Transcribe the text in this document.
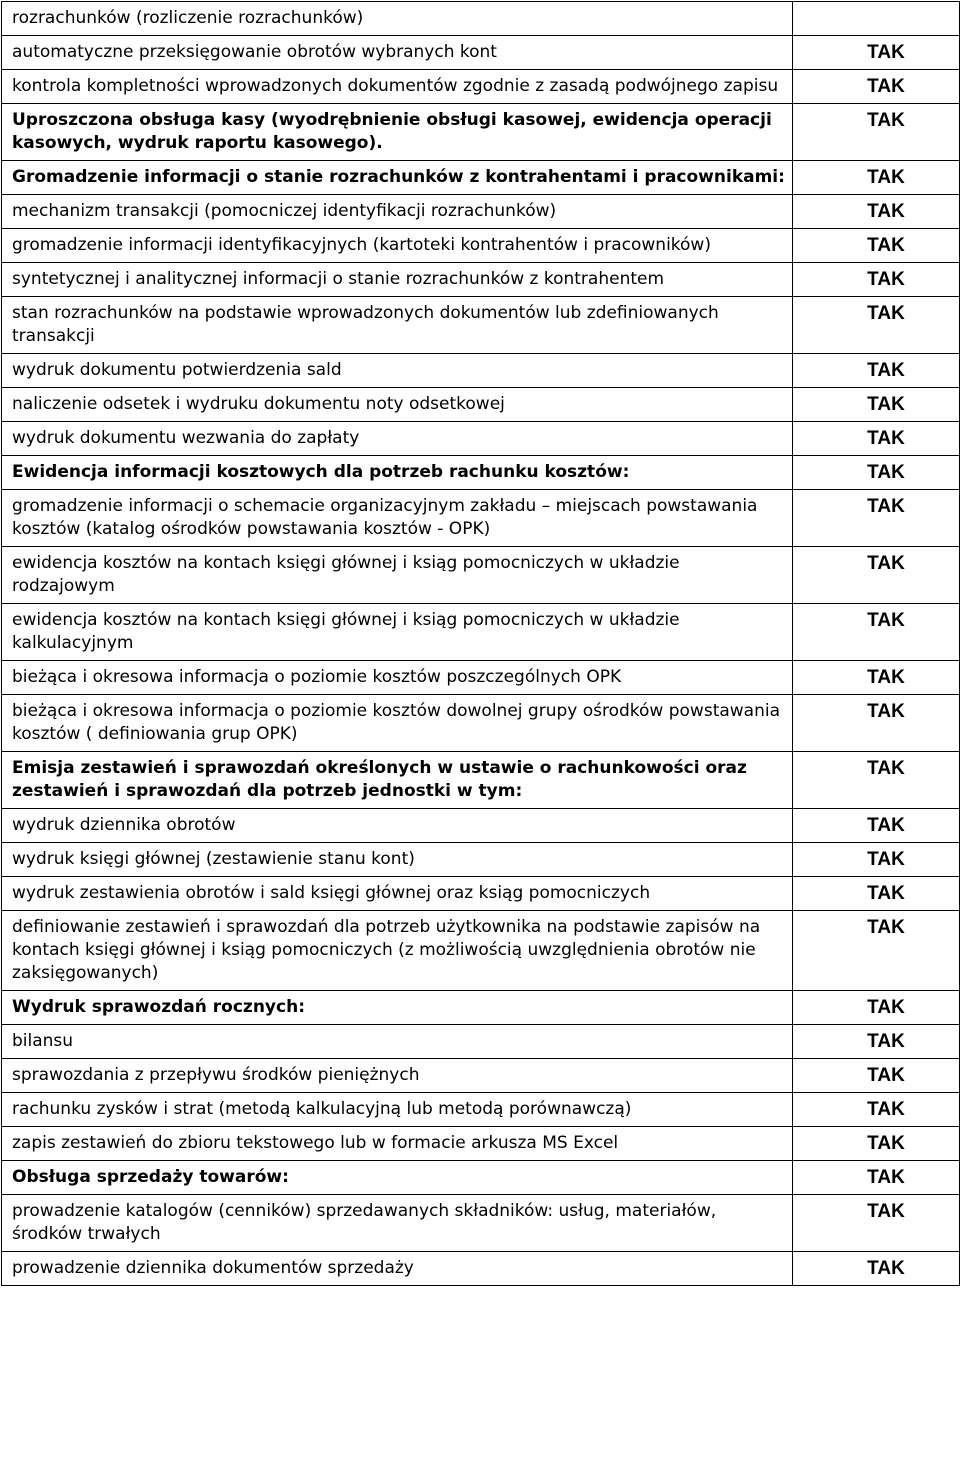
rozrachunków (rozliczenie rozrachunków)	
automatyczne przeksięgowanie obrotów wybranych kont	TAK
kontrola kompletności wprowadzonych dokumentów zgodnie z zasadą podwójnego zapisu	TAK
Uproszczona obsługa kasy (wyodrębnienie obsługi kasowej, ewidencja operacji kasowych, wydruk raportu kasowego).	TAK
Gromadzenie informacji o stanie rozrachunków z kontrahentami i pracownikami:	TAK
mechanizm transakcji (pomocniczej identyfikacji rozrachunków)	TAK
gromadzenie informacji identyfikacyjnych (kartoteki kontrahentów i pracowników)	TAK
syntetycznej i analitycznej informacji o stanie rozrachunków z kontrahentem	TAK
stan rozrachunków na podstawie wprowadzonych dokumentów lub zdefiniowanych transakcji	TAK
wydruk dokumentu potwierdzenia sald	TAK
naliczenie odsetek i wydruku dokumentu noty odsetkowej	TAK
wydruk dokumentu wezwania do zapłaty	TAK
Ewidencja informacji kosztowych dla potrzeb rachunku kosztów:	TAK
gromadzenie informacji o schemacie organizacyjnym zakładu – miejscach powstawania kosztów (katalog ośrodków powstawania kosztów - OPK)	TAK
ewidencja kosztów na kontach księgi głównej i ksiąg pomocniczych w układzie rodzajowym	TAK
ewidencja kosztów na kontach księgi głównej i ksiąg pomocniczych w układzie kalkulacyjnym	TAK
bieżąca i okresowa informacja o poziomie kosztów poszczególnych OPK	TAK
bieżąca i okresowa informacja o poziomie kosztów dowolnej grupy ośrodków powstawania kosztów ( definiowania grup OPK)	TAK
Emisja zestawień i sprawozdań określonych w ustawie o rachunkowości oraz zestawień i sprawozdań dla potrzeb jednostki w tym:	TAK
wydruk dziennika obrotów	TAK
wydruk księgi głównej (zestawienie stanu kont)	TAK
wydruk zestawienia obrotów i sald księgi głównej oraz ksiąg pomocniczych	TAK
definiowanie zestawień i sprawozdań dla potrzeb użytkownika na podstawie zapisów na kontach księgi głównej i ksiąg pomocniczych (z możliwością uwzględnienia obrotów nie zaksięgowanych)	TAK
Wydruk sprawozdań rocznych:	TAK
bilansu	TAK
sprawozdania z przepływu środków pieniężnych	TAK
rachunku zysków i strat (metodą kalkulacyjną lub metodą porównawczą)	TAK
zapis zestawień do zbioru tekstowego lub w formacie arkusza MS Excel	TAK
Obsługa sprzedaży towarów:	TAK
prowadzenie katalogów (cenników) sprzedawanych składników: usług, materiałów, środków trwałych	TAK
prowadzenie dziennika dokumentów sprzedaży	TAK
